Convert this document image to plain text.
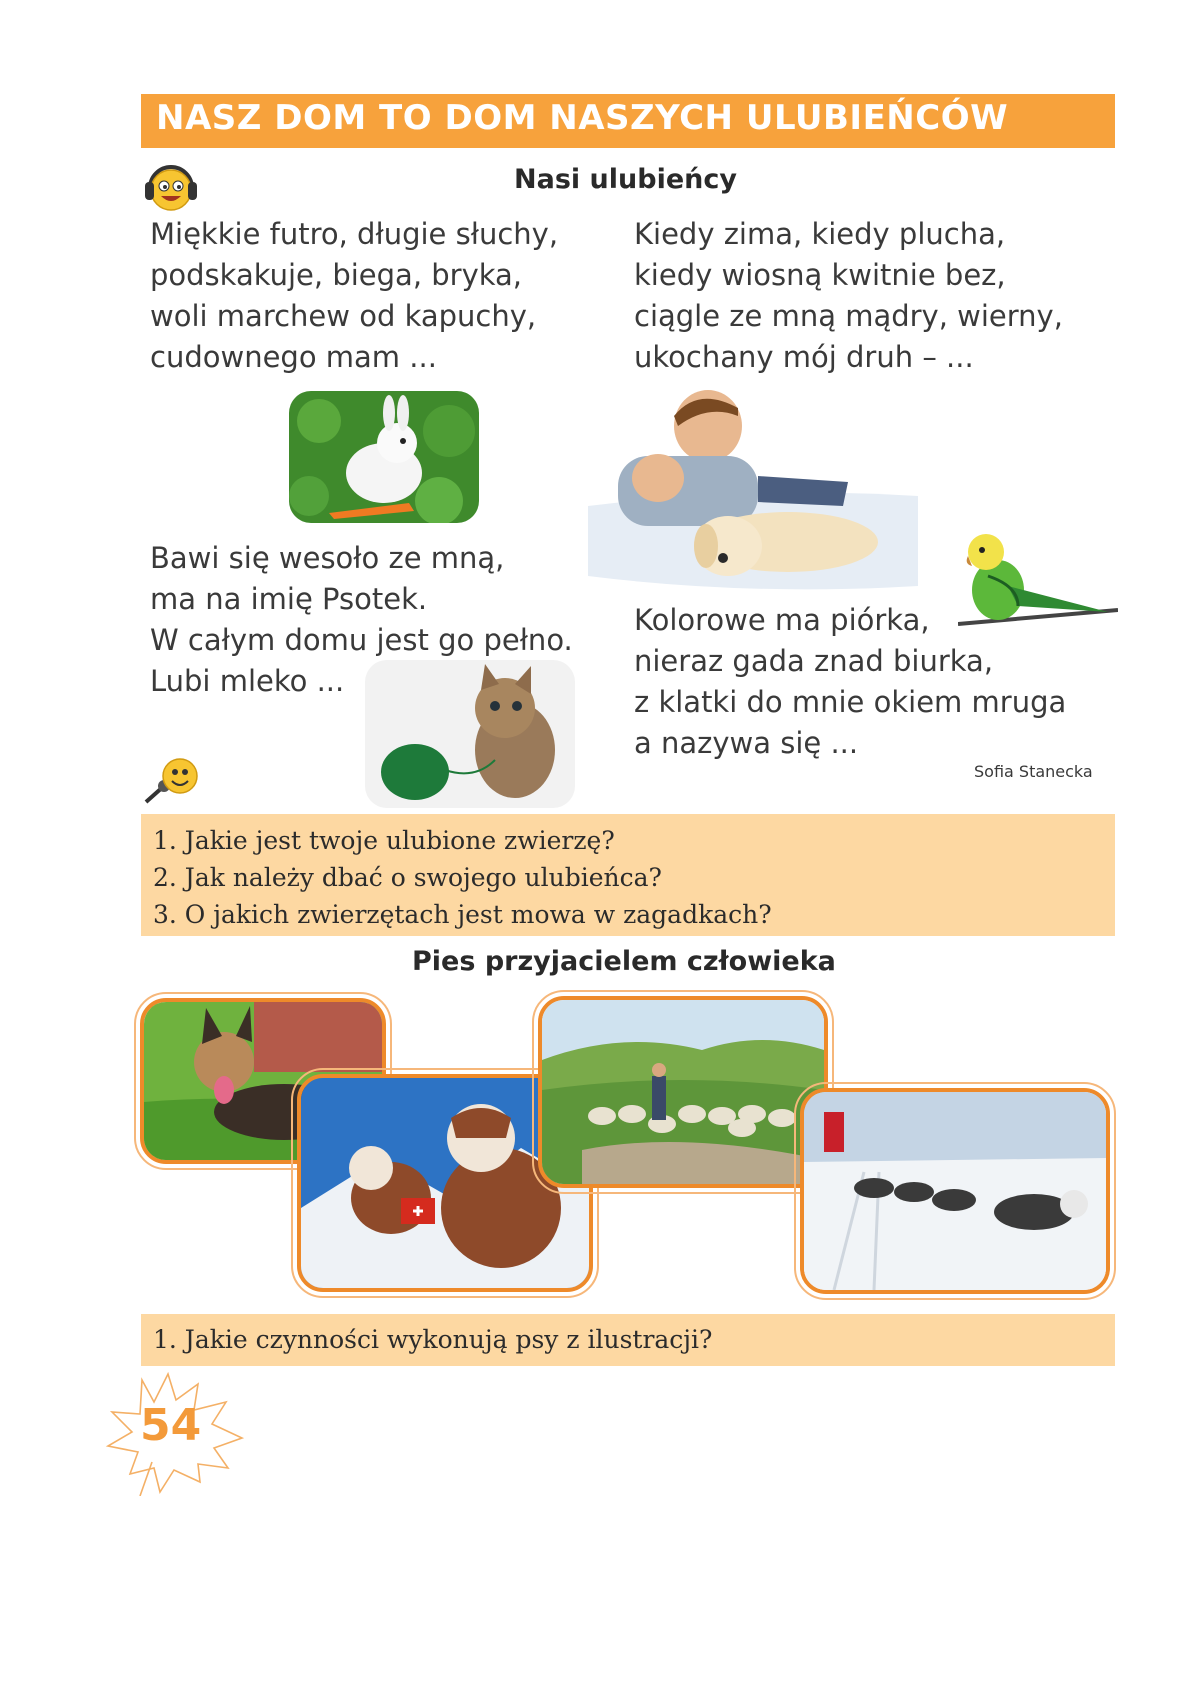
NASZ DOM TO DOM NASZYCH ULUBIEŃCÓW
Nasi ulubieńcy
Miękkie futro, długie słuchy,
podskakuje, biega, bryka,
woli marchew od kapuchy,
cudownego mam ...
Kiedy zima, kiedy plucha,
kiedy wiosną kwitnie bez,
ciągle ze mną mądry, wierny,
ukochany mój druh – ...
Bawi się wesoło ze mną,
ma na imię Psotek.
W całym domu jest go pełno.
Lubi mleko ...
Kolorowe ma piórka,
nieraz gada znad biurka,
z klatki do mnie okiem mruga
a nazywa się ...
Sofia Stanecka
1. Jakie jest twoje ulubione zwierzę?
2. Jak należy dbać o swojego ulubieńca?
3. O jakich zwierzętach jest mowa w zagadkach?
Pies przyjacielem człowieka
1. Jakie czynności wykonują psy z ilustracji?
54
